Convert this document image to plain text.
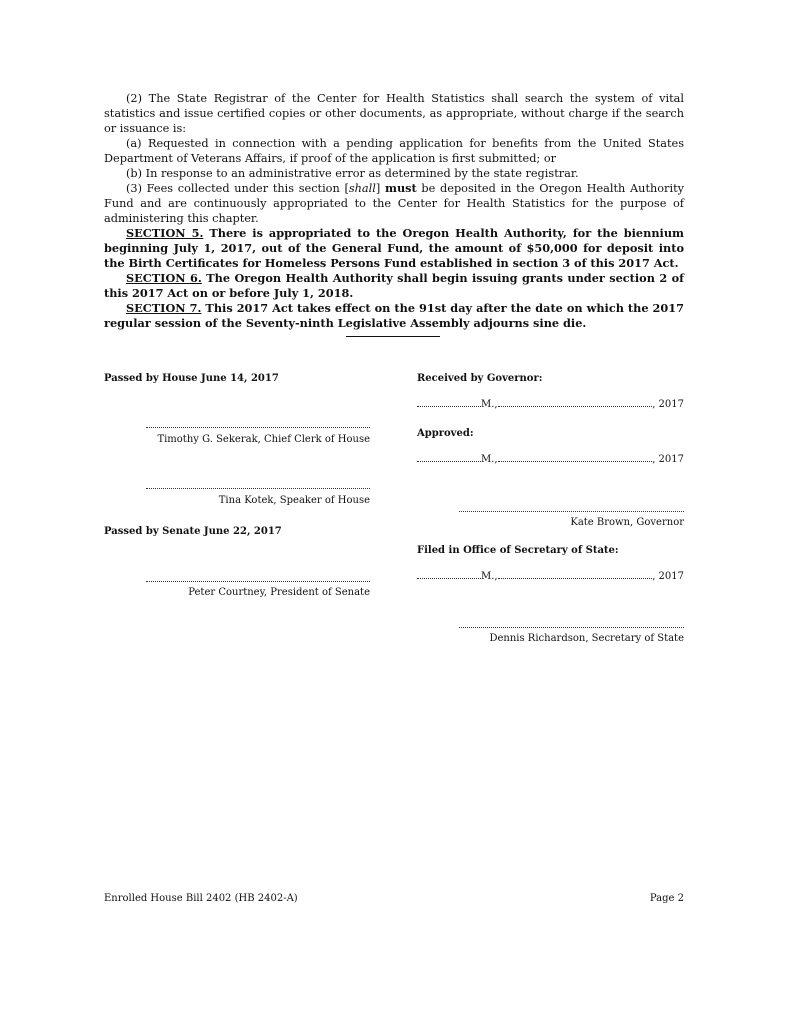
(2) The State Registrar of the Center for Health Statistics shall search the system of vital statistics and issue certified copies or other documents, as appropriate, without charge if the search or issuance is:

(a) Requested in connection with a pending application for benefits from the United States Department of Veterans Affairs, if proof of the application is first submitted; or

(b) In response to an administrative error as determined by the state registrar.

(3) Fees collected under this section [shall] must be deposited in the Oregon Health Authority Fund and are continuously appropriated to the Center for Health Statistics for the purpose of administering this chapter.

SECTION 5. There is appropriated to the Oregon Health Authority, for the biennium beginning July 1, 2017, out of the General Fund, the amount of $50,000 for deposit into the Birth Certificates for Homeless Persons Fund established in section 3 of this 2017 Act.

SECTION 6. The Oregon Health Authority shall begin issuing grants under section 2 of this 2017 Act on or before July 1, 2018.

SECTION 7. This 2017 Act takes effect on the 91st day after the date on which the 2017 regular session of the Seventy-ninth Legislative Assembly adjourns sine die.

Passed by House June 14, 2017
Timothy G. Sekerak, Chief Clerk of House
Tina Kotek, Speaker of House
Passed by Senate June 22, 2017
Peter Courtney, President of Senate
Received by Governor:
M.,	, 2017
Approved:
M.,	, 2017
Kate Brown, Governor
Filed in Office of Secretary of State:
M.,	, 2017
Dennis Richardson, Secretary of State
Enrolled House Bill 2402 (HB 2402-A)	Page 2
